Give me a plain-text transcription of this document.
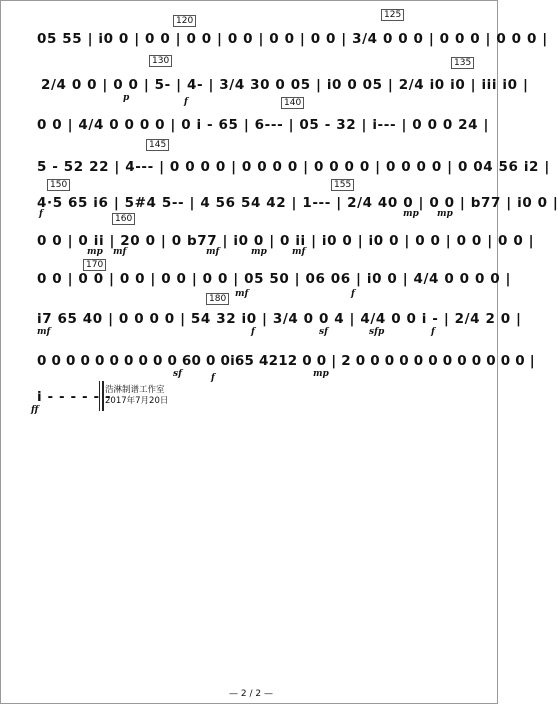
05 55 | i0 0 | 0 0 | 0 0 | 0 0 | 0 0 | 0 0 | 3/4 0 0 0 | 0 0 0 | 0 0 0 |
120
125
2/4 0 0 | 0 0 | 5- | 4- | 3/4 30 0 05 | i0 0 05 | 2/4 i0 i0 | iii i0 |
130	135
p	f
0 0 | 4/4 0 0 0 0 | 0 i - 65 | 6--- | 05 - 32 | i--- | 0 0 0 24 |
140
5 - 52 22 | 4--- | 0 0 0 0 | 0 0 0 0 | 0 0 0 0 | 0 0 0 0 | 0 04 56 i2 |
145
4·5 65 i6 | 5#4 5-- | 4 56 54 42 | 1--- | 2/4 40 0 | 0 0 | b77 | i0 0 |
150	155
f	mp mp
0 0 | 0 ii | 20 0 | 0 b77 | i0 0 | 0 ii | i0 0 | i0 0 | 0 0 | 0 0 | 0 0 |
160
mp mf	mf	mp	mf
0 0 | 0 0 | 0 0 | 0 0 | 0 0 | 05 50 | 06 06 | i0 0 | 4/4 0 0 0 0 |
170
mf	f
i7 65 40 | 0 0 0 0 | 54 32 i0 | 3/4 0 0 4 | 4/4 0 0 i - | 2/4 2 0 |
180
mf	f	sf	sfp	f
0 0 0 0 0 0 0 0 0 0 60 0 0i65 4212 0 0 | 2 0 0 0 0 0 0 0 0 0 0 0 0 |
sf	f	mp
i - - - - - -
ff
浩淋制谱工作室
2017年7月20日
— 2 / 2 —
